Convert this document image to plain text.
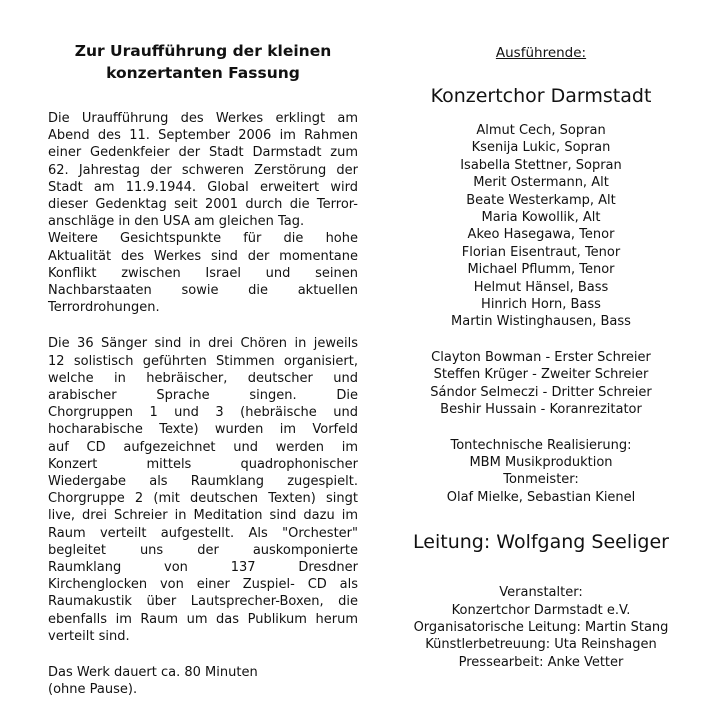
Zur Uraufführung der kleinen
konzertanten Fassung
Die Uraufführung des Werkes erklingt am
Abend des 11. September 2006 im Rahmen
einer Gedenkfeier der Stadt Darmstadt zum
62. Jahrestag der schweren Zerstörung der
Stadt am 11.9.1944. Global erweitert wird
dieser Gedenktag seit 2001 durch die Terror-
anschläge in den USA am gleichen Tag.
Weitere Gesichtspunkte für die hohe
Aktualität des Werkes sind der momentane
Konflikt zwischen Israel und seinen
Nachbarstaaten sowie die aktuellen
Terrordrohungen.
Die 36 Sänger sind in drei Chören in jeweils
12 solistisch geführten Stimmen organisiert,
welche in hebräischer, deutscher und
arabischer Sprache singen. Die
Chorgruppen 1 und 3 (hebräische und
hocharabische Texte) wurden im Vorfeld
auf CD aufgezeichnet und werden im
Konzert mittels quadrophonischer
Wiedergabe als Raumklang zugespielt.
Chorgruppe 2 (mit deutschen Texten) singt
live, drei Schreier in Meditation sind dazu im
Raum verteilt aufgestellt. Als "Orchester"
begleitet uns der auskomponierte
Raumklang von 137 Dresdner
Kirchenglocken von einer Zuspiel- CD als
Raumakustik über Lautsprecher-Boxen, die
ebenfalls im Raum um das Publikum herum
verteilt sind.
Das Werk dauert ca. 80 Minuten
(ohne Pause).
Ausführende:
Konzertchor Darmstadt
Almut Cech, Sopran
Ksenija Lukic, Sopran
Isabella Stettner, Sopran
Merit Ostermann, Alt
Beate Westerkamp, Alt
Maria Kowollik, Alt
Akeo Hasegawa, Tenor
Florian Eisentraut, Tenor
Michael Pflumm, Tenor
Helmut Hänsel, Bass
Hinrich Horn, Bass
Martin Wistinghausen, Bass
Clayton Bowman - Erster Schreier
Steffen Krüger - Zweiter Schreier
Sándor Selmeczi - Dritter Schreier
Beshir Hussain - Koranrezitator
Tontechnische Realisierung:
MBM Musikproduktion
Tonmeister:
Olaf Mielke, Sebastian Kienel
Leitung: Wolfgang Seeliger
Veranstalter:
Konzertchor Darmstadt e.V.
Organisatorische Leitung: Martin Stang
Künstlerbetreuung: Uta Reinshagen
Pressearbeit: Anke Vetter
